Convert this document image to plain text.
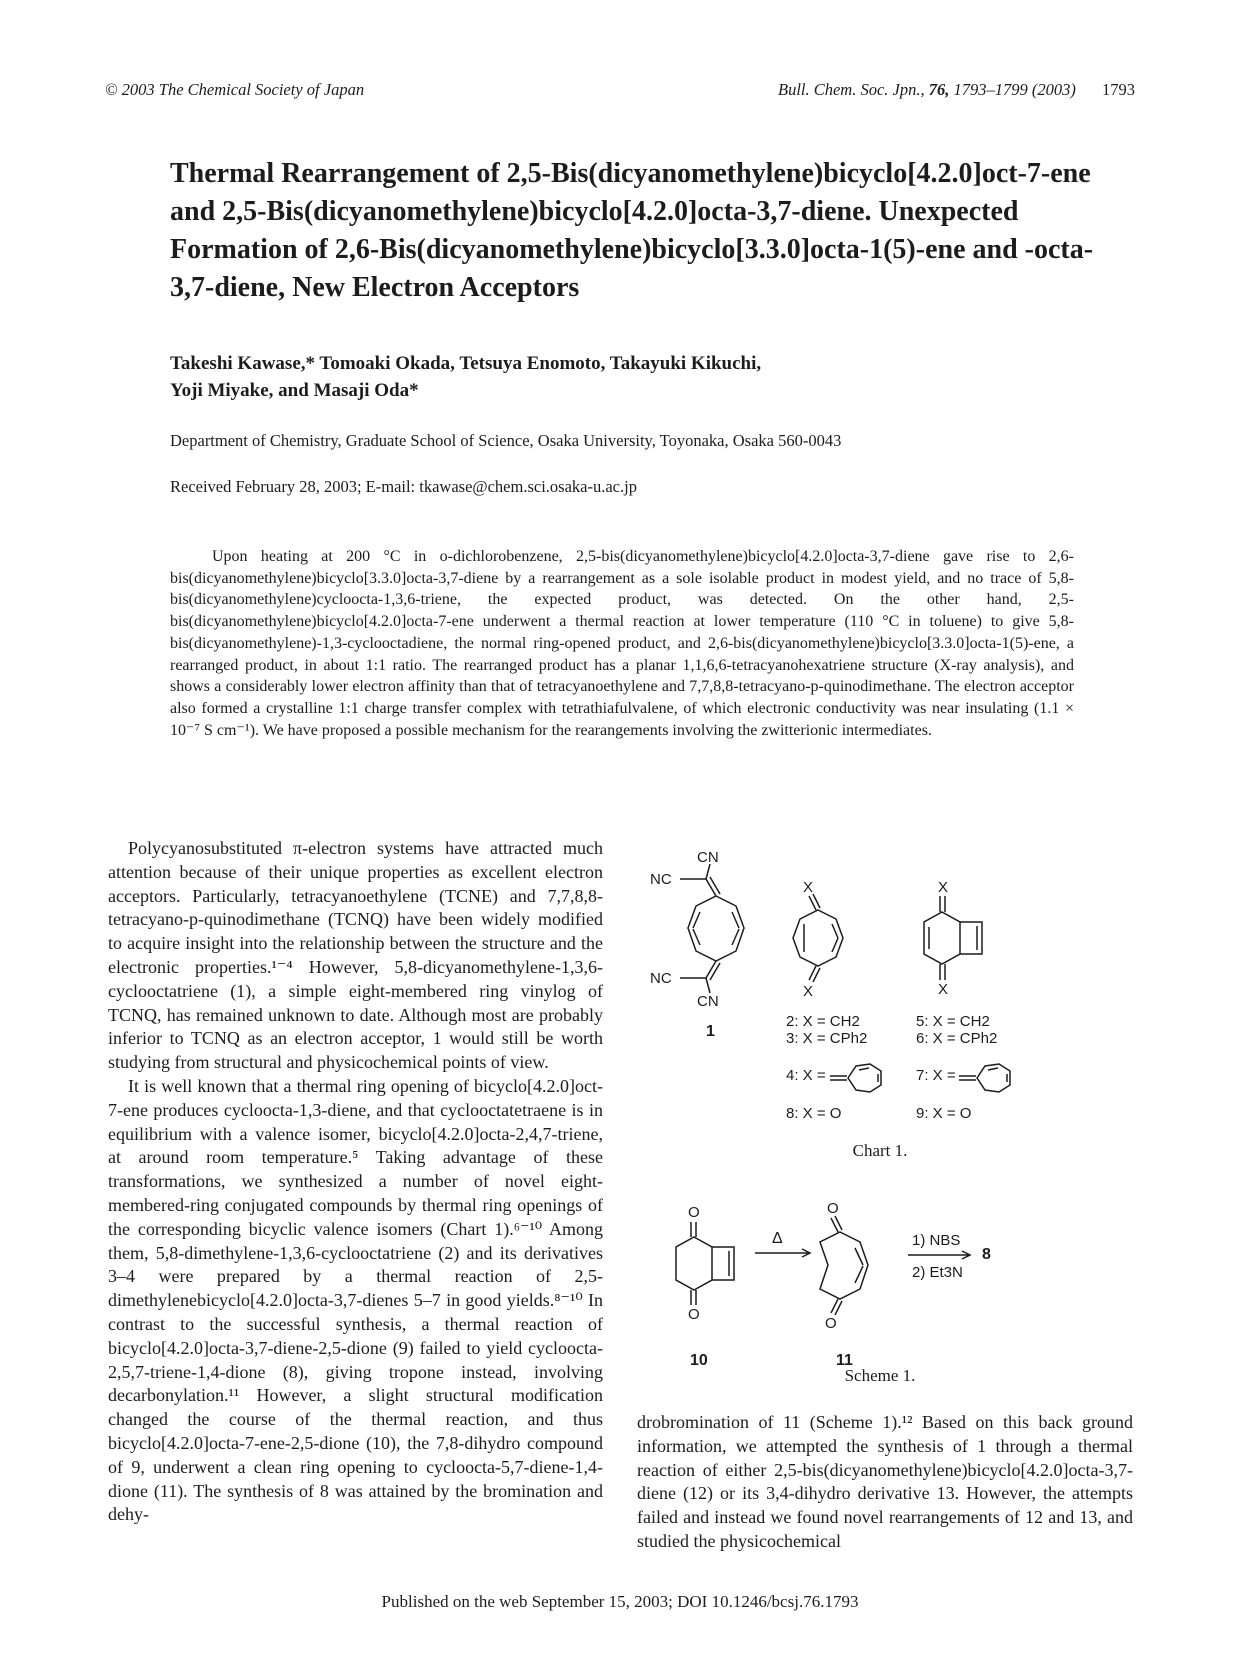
© 2003 The Chemical Society of Japan	Bull. Chem. Soc. Jpn., 76, 1793–1799 (2003) 1793
Thermal Rearrangement of 2,5-Bis(dicyanomethylene)bicyclo[4.2.0]oct-7-ene and 2,5-Bis(dicyanomethylene)bicyclo[4.2.0]octa-3,7-diene. Unexpected Formation of 2,6-Bis(dicyanomethylene)bicyclo[3.3.0]octa-1(5)-ene and -octa-3,7-diene, New Electron Acceptors
Takeshi Kawase,* Tomoaki Okada, Tetsuya Enomoto, Takayuki Kikuchi,
Yoji Miyake, and Masaji Oda*
Department of Chemistry, Graduate School of Science, Osaka University, Toyonaka, Osaka 560-0043
Received February 28, 2003; E-mail: tkawase@chem.sci.osaka-u.ac.jp
Upon heating at 200 °C in o-dichlorobenzene, 2,5-bis(dicyanomethylene)bicyclo[4.2.0]octa-3,7-diene gave rise to 2,6-bis(dicyanomethylene)bicyclo[3.3.0]octa-3,7-diene by a rearrangement as a sole isolable product in modest yield, and no trace of 5,8-bis(dicyanomethylene)cycloocta-1,3,6-triene, the expected product, was detected. On the other hand, 2,5-bis(dicyanomethylene)bicyclo[4.2.0]octa-7-ene underwent a thermal reaction at lower temperature (110 °C in toluene) to give 5,8-bis(dicyanomethylene)-1,3-cyclooctadiene, the normal ring-opened product, and 2,6-bis(dicyanomethylene)bicyclo[3.3.0]octa-1(5)-ene, a rearranged product, in about 1:1 ratio. The rearranged product has a planar 1,1,6,6-tetracyanohexatriene structure (X-ray analysis), and shows a considerably lower electron affinity than that of tetracyanoethylene and 7,7,8,8-tetracyano-p-quinodimethane. The electron acceptor also formed a crystalline 1:1 charge transfer complex with tetrathiafulvalene, of which electronic conductivity was near insulating (1.1 × 10⁻⁷ S cm⁻¹). We have proposed a possible mechanism for the rearangements involving the zwitterionic intermediates.

Polycyanosubstituted π-electron systems have attracted much attention because of their unique properties as excellent electron acceptors. Particularly, tetracyanoethylene (TCNE) and 7,7,8,8-tetracyano-p-quinodimethane (TCNQ) have been widely modified to acquire insight into the relationship between the structure and the electronic properties.¹⁻⁴ However, 5,8-dicyanomethylene-1,3,6-cyclooctatriene (1), a simple eight-membered ring vinylog of TCNQ, has remained unknown to date. Although most are probably inferior to TCNQ as an electron acceptor, 1 would still be worth studying from structural and physicochemical points of view.

It is well known that a thermal ring opening of bicyclo[4.2.0]oct-7-ene produces cycloocta-1,3-diene, and that cyclooctatetraene is in equilibrium with a valence isomer, bicyclo[4.2.0]octa-2,4,7-triene, at around room temperature.⁵ Taking advantage of these transformations, we synthesized a number of novel eight-membered-ring conjugated compounds by thermal ring openings of the corresponding bicyclic valence isomers (Chart 1).⁶⁻¹⁰ Among them, 5,8-dimethylene-1,3,6-cyclooctatriene (2) and its derivatives 3–4 were prepared by a thermal reaction of 2,5-dimethylenebicyclo[4.2.0]octa-3,7-dienes 5–7 in good yields.⁸⁻¹⁰ In contrast to the successful synthesis, a thermal reaction of bicyclo[4.2.0]octa-3,7-diene-2,5-dione (9) failed to yield cycloocta-2,5,7-triene-1,4-dione (8), giving tropone instead, involving decarbonylation.¹¹ However, a slight structural modification changed the course of the thermal reaction, and thus bicyclo[4.2.0]octa-7-ene-2,5-dione (10), the 7,8-dihydro compound of 9, underwent a clean ring opening to cycloocta-5,7-diene-1,4-dione (11). The synthesis of 8 was attained by the bromination and dehy-

CN
NC
NC
CN
1
X
X
X
X
2: X = CH2
3: X = CPh2
4: X =
8: X = O
5: X = CH2
6: X = CPh2
7: X =
9: X = O
Chart 1.
O
O
10
Δ
O
O
11
1) NBS
2) Et3N
8
Scheme 1.

drobromination of 11 (Scheme 1).¹² Based on this back ground information, we attempted the synthesis of 1 through a thermal reaction of either 2,5-bis(dicyanomethylene)bicyclo[4.2.0]octa-3,7-diene (12) or its 3,4-dihydro derivative 13. However, the attempts failed and instead we found novel rearrangements of 12 and 13, and studied the physicochemical

Published on the web September 15, 2003; DOI 10.1246/bcsj.76.1793
